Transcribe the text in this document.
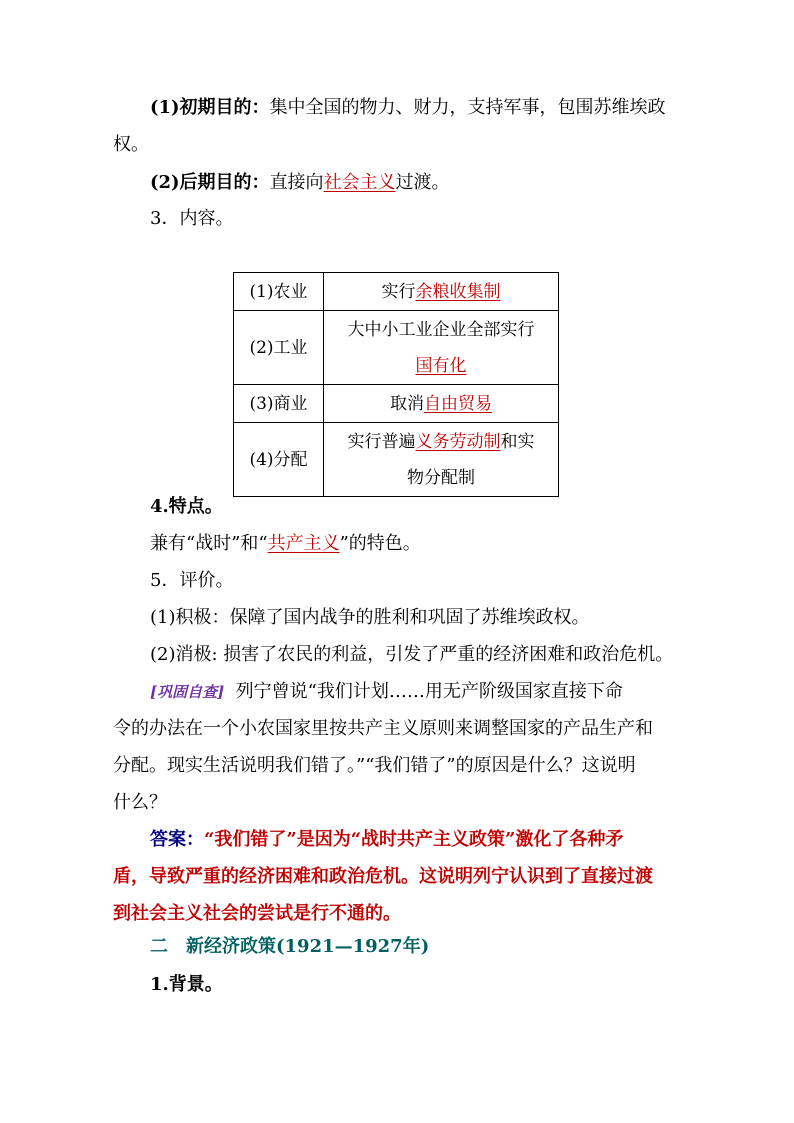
(1)初期目的：集中全国的物力、财力，支持军事，包围苏维埃政
权。
(2)后期目的：直接向社会主义过渡。
3．内容。
(1)农业	实行余粮收集制
(2)工业	大中小工业企业全部实行
国有化
(3)商业	取消自由贸易
(4)分配	实行普遍义务劳动制和实
物分配制
4.特点。
兼有“战时”和“共产主义”的特色。
5．评价。
(1)积极：保障了国内战争的胜利和巩固了苏维埃政权。
(2)消极: 损害了农民的利益，引发了严重的经济困难和政治危机。
[巩固自查] 列宁曾说“我们计划……用无产阶级国家直接下命
令的办法在一个小农国家里按共产主义原则来调整国家的产品生产和
分配。现实生活说明我们错了。”“我们错了”的原因是什么？这说明
什么？
答案：“我们错了”是因为“战时共产主义政策”激化了各种矛
盾，导致严重的经济困难和政治危机。这说明列宁认识到了直接过渡
到社会主义社会的尝试是行不通的。
二　新经济政策(1921—1927年)
1.背景。
